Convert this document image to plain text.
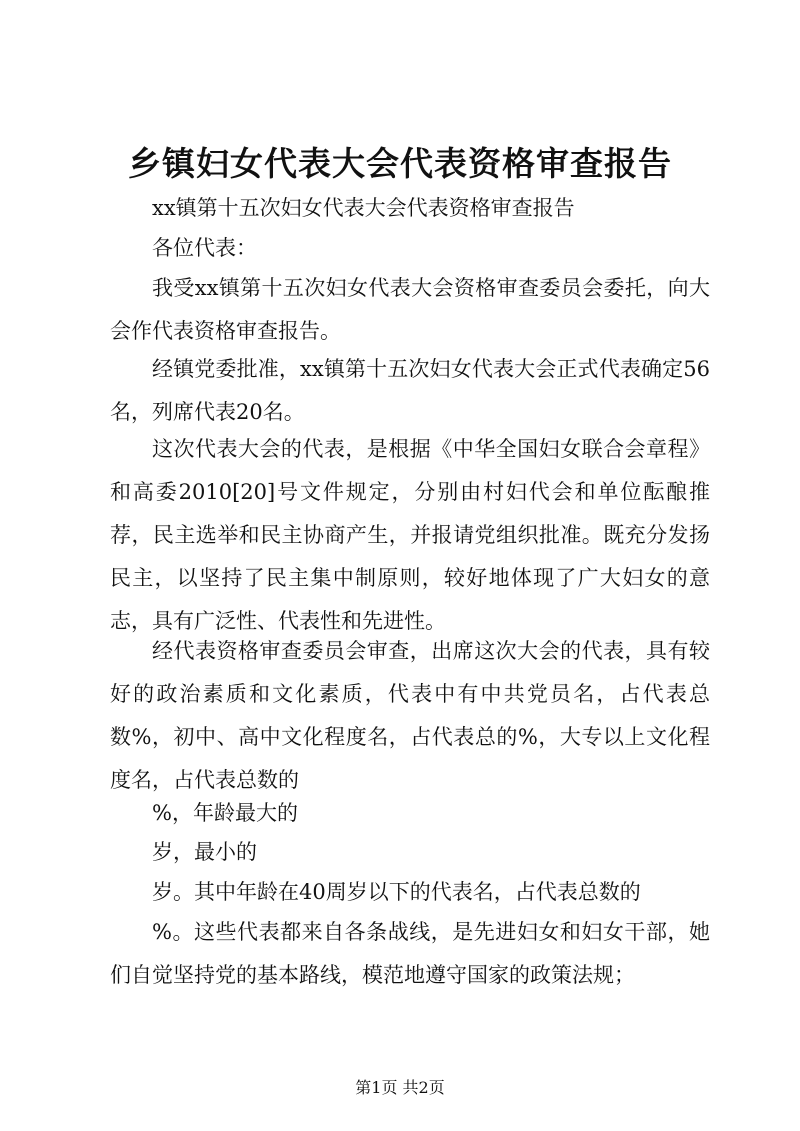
乡镇妇女代表大会代表资格审查报告

xx镇第十五次妇女代表大会代表资格审查报告

各位代表：

我受xx镇第十五次妇女代表大会资格审查委员会委托，向大会作代表资格审查报告。

经镇党委批准，xx镇第十五次妇女代表大会正式代表确定56名，列席代表20名。

这次代表大会的代表，是根据《中华全国妇女联合会章程》和高委2010[20]号文件规定，分别由村妇代会和单位酝酿推荐，民主选举和民主协商产生，并报请党组织批准。既充分发扬民主，以坚持了民主集中制原则，较好地体现了广大妇女的意志，具有广泛性、代表性和先进性。

经代表资格审查委员会审查，出席这次大会的代表，具有较好的政治素质和文化素质，代表中有中共党员名，占代表总数%，初中、高中文化程度名，占代表总的%，大专以上文化程度名，占代表总数的

%，年龄最大的

岁，最小的

岁。其中年龄在40周岁以下的代表名，占代表总数的

%。这些代表都来自各条战线，是先进妇女和妇女干部，她们自觉坚持党的基本路线，模范地遵守国家的政策法规；

第1页 共2页
